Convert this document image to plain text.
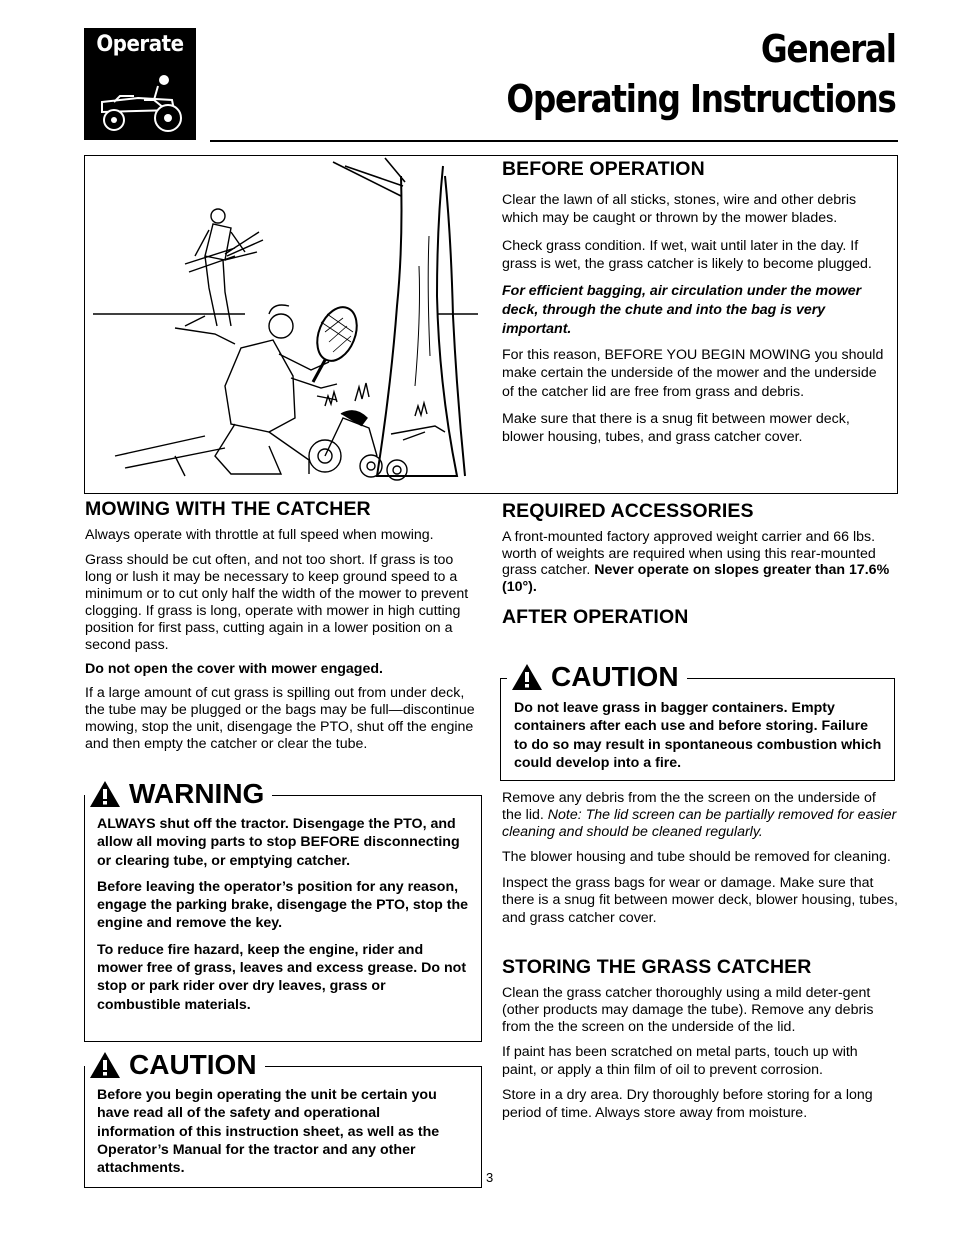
Operate	General
Operating Instructions
BEFORE OPERATION

Clear the lawn of all sticks, stones, wire and other debris which may be caught or thrown by the mower blades.

Check grass condition. If wet, wait until later in the day. If grass is wet, the grass catcher is likely to become plugged.

For efficient bagging, air circulation under the mower deck, through the chute and into the bag is very important.

For this reason, BEFORE YOU BEGIN MOWING you should make certain the underside of the mower and the underside of the catcher lid are free from grass and debris.

Make sure that there is a snug fit between mower deck, blower housing, tubes, and grass catcher cover.

MOWING WITH THE CATCHER

Always operate with throttle at full speed when mowing.

Grass should be cut often, and not too short. If grass is too long or lush it may be necessary to keep ground speed to a minimum or to cut only half the width of the mower to prevent clogging. If grass is long, operate with mower in high cutting position for first pass, cutting again in a lower position on a second pass.

Do not open the cover with mower engaged.

If a large amount of cut grass is spilling out from under deck, the tube may be plugged or the bags may be full—discontinue mowing, stop the unit, disengage the PTO, shut off the engine and then empty the catcher or clear the tube.

WARNING

ALWAYS shut off the tractor. Disengage the PTO, and allow all moving parts to stop BEFORE disconnecting or clearing tube, or emptying catcher.

Before leaving the operator’s position for any reason, engage the parking brake, disengage the PTO, stop the engine and remove the key.

To reduce fire hazard, keep the engine, rider and mower free of grass, leaves and excess grease. Do not stop or park rider over dry leaves, grass or combustible materials.

CAUTION

Before you begin operating the unit be certain you have read all of the safety and operational information of this instruction sheet, as well as the Operator’s Manual for the tractor and any other attachments.

REQUIRED ACCESSORIES

A front-mounted factory approved weight carrier and 66 lbs. worth of weights are required when using this rear-mounted grass catcher. Never operate on slopes greater than 17.6% (10°).

AFTER OPERATION
CAUTION

Do not leave grass in bagger containers. Empty containers after each use and before storing. Failure to do so may result in spontaneous combustion which could develop into a fire.

Remove any debris from the the screen on the underside of the lid. Note: The lid screen can be partially removed for easier cleaning and should be cleaned regularly.

The blower housing and tube should be removed for cleaning.

Inspect the grass bags for wear or damage. Make sure that there is a snug fit between mower deck, blower housing, tubes, and grass catcher cover.

STORING THE GRASS CATCHER

Clean the grass catcher thoroughly using a mild deter-gent (other products may damage the tube). Remove any debris from the the screen on the underside of the lid.

If paint has been scratched on metal parts, touch up with paint, or apply a thin film of oil to prevent corrosion.

Store in a dry area. Dry thoroughly before storing for a long period of time. Always store away from moisture.

3
